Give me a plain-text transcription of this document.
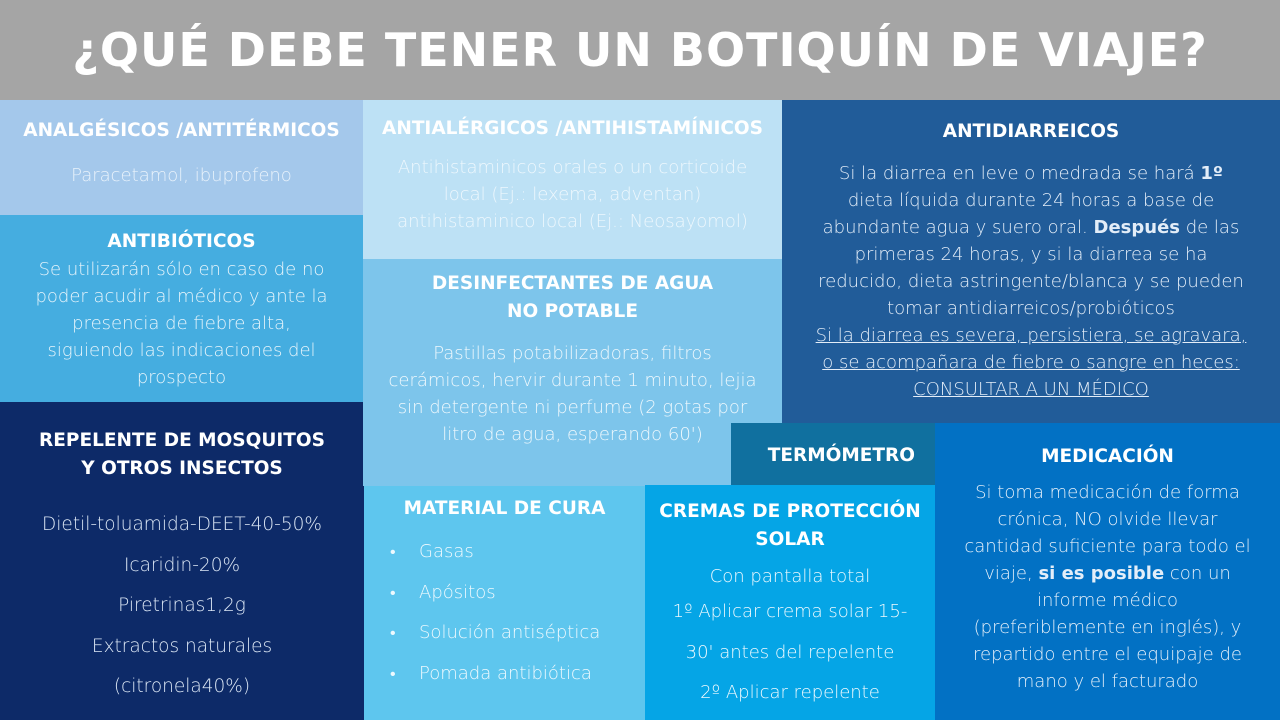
¿QUÉ DEBE TENER UN BOTIQUÍN DE VIAJE?
ANALGÉSICOS /ANTITÉRMICOS
Paracetamol, ibuprofeno
ANTIBIÓTICOS
Se utilizarán sólo en caso de no
poder acudir al médico y ante la
presencia de fiebre alta,
siguiendo las indicaciones del
prospecto
REPELENTE DE MOSQUITOS
Y OTROS INSECTOS
Dietil-toluamida-DEET-40-50%
Icaridin-20%
Piretrinas1,2g
Extractos naturales
(citronela40%)
ANTIALÉRGICOS /ANTIHISTAMÍNICOS
Antihistaminicos orales o un corticoide
local (Ej.: lexema, adventan)
antihistaminico local (Ej.: Neosayomol)
DESINFECTANTES DE AGUA
NO POTABLE
Pastillas potabilizadoras, filtros
cerámicos, hervir durante 1 minuto, lejia
sin detergente ni perfume (2 gotas por
litro de agua, esperando 60')
ANTIDIARREICOS
Si la diarrea en leve o medrada se hará 1º
dieta líquida durante 24 horas a base de
abundante agua y suero oral. Después de las
primeras 24 horas, y si la diarrea se ha
reducido, dieta astringente/blanca y se pueden
tomar antidiarreicos/probióticos
Si la diarrea es severa, persistiera, se agravara,
o se acompañara de fiebre o sangre en heces:
CONSULTAR A UN MÉDICO
TERMÓMETRO
MATERIAL DE CURA
•	Gasas
•	Apósitos
•	Solución antiséptica
•	Pomada antibiótica
CREMAS DE PROTECCIÓN
SOLAR
Con pantalla total
1º Aplicar crema solar 15-
30' antes del repelente
2º Aplicar repelente
MEDICACIÓN
Si toma medicación de forma
crónica, NO olvide llevar
cantidad suficiente para todo el
viaje, si es posible con un
informe médico
(preferiblemente en inglés), y
repartido entre el equipaje de
mano y el facturado
